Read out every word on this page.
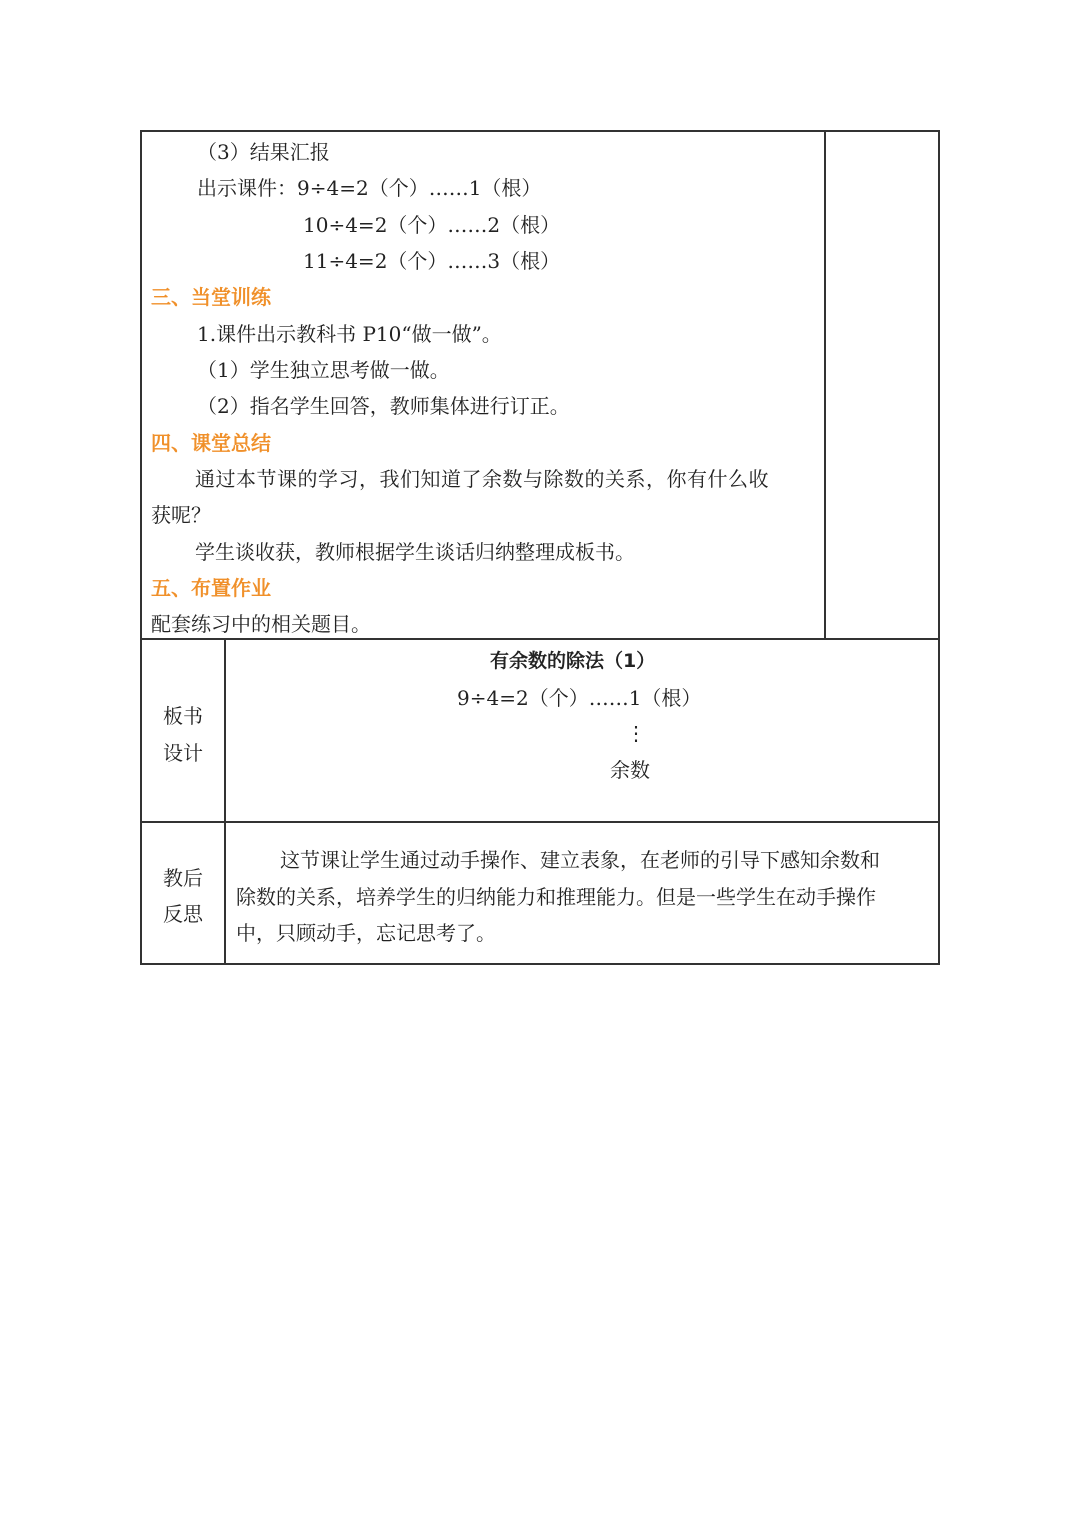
（3）结果汇报
出示课件：9÷4=2（个）……1（根）
10÷4=2（个）……2（根）
11÷4=2（个）……3（根）
三、当堂训练
1.课件出示教科书 P10“做一做”。
（1）学生独立思考做一做。
（2）指名学生回答，教师集体进行订正。
四、课堂总结
通过本节课的学习，我们知道了余数与除数的关系，你有什么收
获呢？
学生谈收获，教师根据学生谈话归纳整理成板书。
五、布置作业
配套练习中的相关题目。
板书
设计
有余数的除法（1）
9÷4=2（个）……1（根）
⋮
余数
教后
反思
这节课让学生通过动手操作、建立表象，在老师的引导下感知余数和
除数的关系，培养学生的归纳能力和推理能力。但是一些学生在动手操作
中，只顾动手，忘记思考了。
